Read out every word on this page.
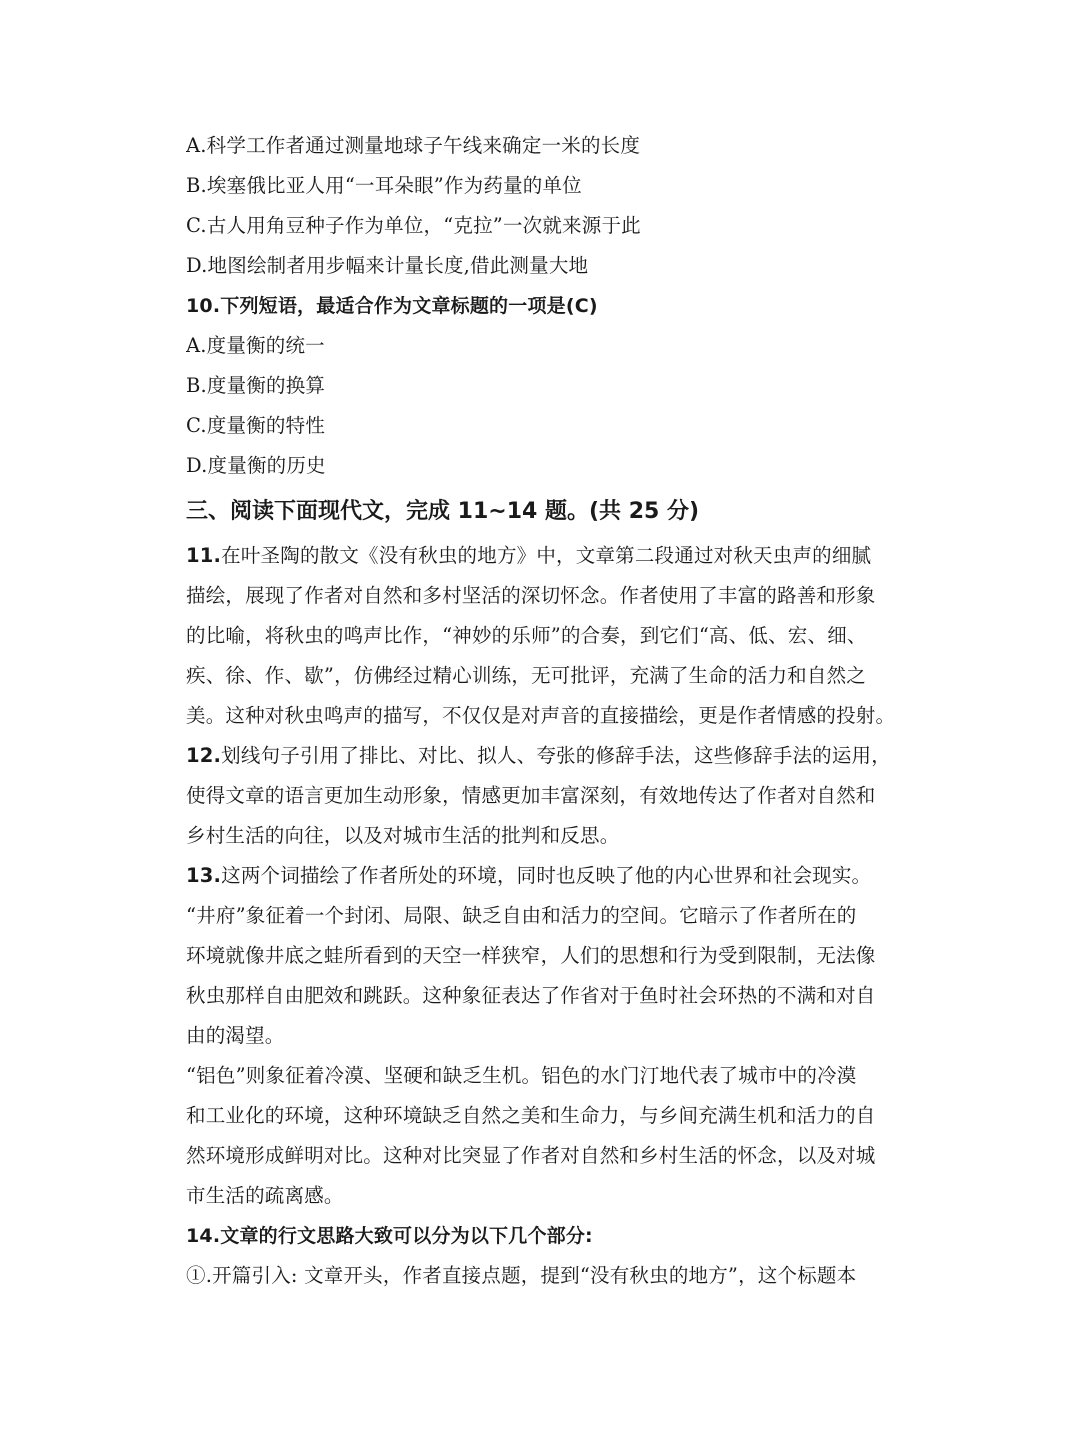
A.科学工作者通过测量地球子午线来确定一米的长度
B.埃塞俄比亚人用“一耳朵眼”作为药量的单位
C.古人用角豆种子作为单位，“克拉”一次就来源于此
D.地图绘制者用步幅来计量长度,借此测量大地
10.下列短语，最适合作为文章标题的一项是(C)
A.度量衡的统一
B.度量衡的换算
C.度量衡的特性
D.度量衡的历史
三、阅读下面现代文，完成 11~14 题。(共 25 分)
11.在叶圣陶的散文《没有秋虫的地方》中，文章第二段通过对秋天虫声的细腻
描绘，展现了作者对自然和多村坚活的深切怀念。作者使用了丰富的路善和形象
的比喻，将秋虫的鸣声比作，“神妙的乐师”的合奏，到它们“高、低、宏、细、
疾、徐、作、歇”，仿佛经过精心训练，无可批评，充满了生命的活力和自然之
美。这种对秋虫鸣声的描写，不仅仅是对声音的直接描绘，更是作者情感的投射。
12.划线句子引用了排比、对比、拟人、夸张的修辞手法，这些修辞手法的运用，
使得文章的语言更加生动形象，情感更加丰富深刻，有效地传达了作者对自然和
乡村生活的向往，以及对城市生活的批判和反思。
13.这两个词描绘了作者所处的环境，同时也反映了他的内心世界和社会现实。
“井府”象征着一个封闭、局限、缺乏自由和活力的空间。它暗示了作者所在的
环境就像井底之蛙所看到的天空一样狭窄，人们的思想和行为受到限制，无法像
秋虫那样自由肥效和跳跃。这种象征表达了作省对于鱼时社会环热的不满和对自
由的渴望。
“铝色”则象征着冷漠、坚硬和缺乏生机。铝色的水门汀地代表了城市中的冷漠
和工业化的环境，这种环境缺乏自然之美和生命力，与乡间充满生机和活力的自
然环境形成鲜明对比。这种对比突显了作者对自然和乡村生活的怀念，以及对城
市生活的疏离感。
14.文章的行文思路大致可以分为以下几个部分:
①.开篇引入: 文章开头，作者直接点题，提到“没有秋虫的地方”，这个标题本
